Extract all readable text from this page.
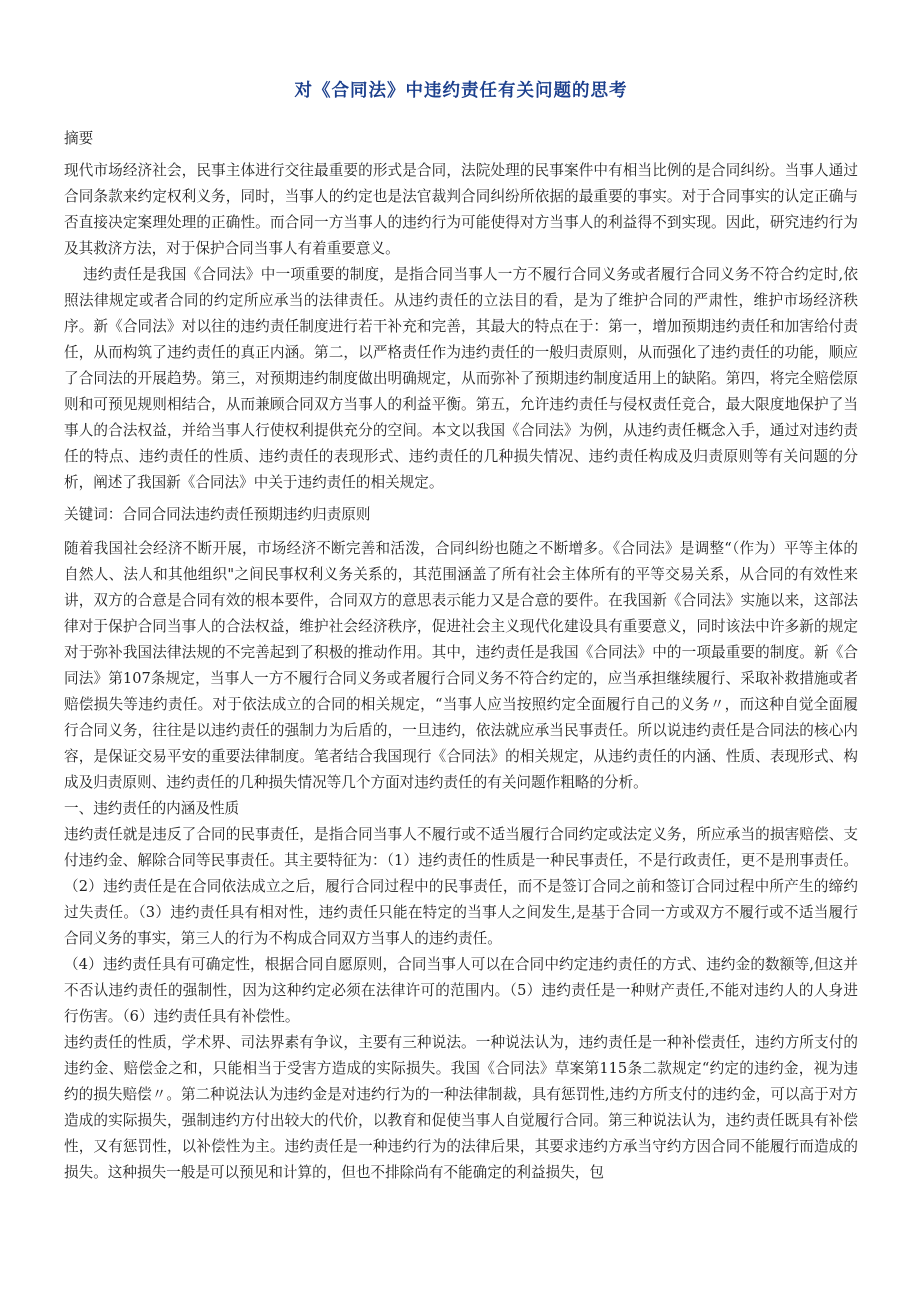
对《合同法》中违约责任有关问题的思考

摘要

现代市场经济社会，民事主体进行交往最重要的形式是合同，法院处理的民事案件中有相当比例的是合同纠纷。当事人通过合同条款来约定权利义务，同时，当事人的约定也是法官裁判合同纠纷所依据的最重要的事实。对于合同事实的认定正确与否直接决定案理处理的正确性。而合同一方当事人的违约行为可能使得对方当事人的利益得不到实现。因此，研究违约行为及其救济方法，对于保护合同当事人有着重要意义。

违约责任是我国《合同法》中一项重要的制度，是指合同当事人一方不履行合同义务或者履行合同义务不符合约定时,依照法律规定或者合同的约定所应承当的法律责任。从违约责任的立法目的看，是为了维护合同的严肃性，维护市场经济秩序。新《合同法》对以往的违约责任制度进行若干补充和完善，其最大的特点在于：第一，增加预期违约责任和加害给付责任，从而构筑了违约责任的真正内涵。第二，以严格责任作为违约责任的一般归责原则，从而强化了违约责任的功能，顺应了合同法的开展趋势。第三，对预期违约制度做出明确规定，从而弥补了预期违约制度适用上的缺陷。第四，将完全赔偿原则和可预见规则相结合，从而兼顾合同双方当事人的利益平衡。第五，允许违约责任与侵权责任竞合，最大限度地保护了当事人的合法权益，并给当事人行使权利提供充分的空间。本文以我国《合同法》为例，从违约责任概念入手，通过对违约责任的特点、违约责任的性质、违约责任的表现形式、违约责任的几种损失情况、违约责任构成及归责原则等有关问题的分析，阐述了我国新《合同法》中关于违约责任的相关规定。

关键词：合同合同法违约责任预期违约归责原则

随着我国社会经济不断开展，市场经济不断完善和活泼，合同纠纷也随之不断增多。《合同法》是调整“（作为）平等主体的自然人、法人和其他组织"之间民事权利义务关系的，其范围涵盖了所有社会主体所有的平等交易关系，从合同的有效性来讲，双方的合意是合同有效的根本要件，合同双方的意思表示能力又是合意的要件。在我国新《合同法》实施以来，这部法律对于保护合同当事人的合法权益，维护社会经济秩序，促进社会主义现代化建设具有重要意义，同时该法中许多新的规定对于弥补我国法律法规的不完善起到了积极的推动作用。其中，违约责任是我国《合同法》中的一项最重要的制度。新《合同法》第107条规定，当事人一方不履行合同义务或者履行合同义务不符合约定的，应当承担继续履行、采取补救措施或者赔偿损失等违约责任。对于依法成立的合同的相关规定，“当事人应当按照约定全面履行自己的义务〃，而这种自觉全面履行合同义务，往往是以违约责任的强制力为后盾的，一旦违约，依法就应承当民事责任。所以说违约责任是合同法的核心内容，是保证交易平安的重要法律制度。笔者结合我国现行《合同法》的相关规定，从违约责任的内涵、性质、表现形式、构成及归责原则、违约责任的几种损失情况等几个方面对违约责任的有关问题作粗略的分析。

一、违约责任的内涵及性质

违约责任就是违反了合同的民事责任，是指合同当事人不履行或不适当履行合同约定或法定义务，所应承当的损害赔偿、支付违约金、解除合同等民事责任。其主要特征为：（1）违约责任的性质是一种民事责任，不是行政责任，更不是刑事责任。（2）违约责任是在合同依法成立之后，履行合同过程中的民事责任，而不是签订合同之前和签订合同过程中所产生的缔约过失责任。（3）违约责任具有相对性，违约责任只能在特定的当事人之间发生,是基于合同一方或双方不履行或不适当履行合同义务的事实，第三人的行为不构成合同双方当事人的违约责任。

（4）违约责任具有可确定性，根据合同自愿原则，合同当事人可以在合同中约定违约责任的方式、违约金的数额等,但这并不否认违约责任的强制性，因为这种约定必须在法律许可的范围内。（5）违约责任是一种财产责任,不能对违约人的人身进行伤害。（6）违约责任具有补偿性。

违约责任的性质，学术界、司法界素有争议，主要有三种说法。一种说法认为，违约责任是一种补偿责任，违约方所支付的违约金、赔偿金之和，只能相当于受害方造成的实际损失。我国《合同法》草案第115条二款规定“约定的违约金，视为违约的损失赔偿〃。第二种说法认为违约金是对违约行为的一种法律制裁，具有惩罚性,违约方所支付的违约金，可以高于对方造成的实际损失，强制违约方付出较大的代价，以教育和促使当事人自觉履行合同。第三种说法认为，违约责任既具有补偿性，又有惩罚性，以补偿性为主。违约责任是一种违约行为的法律后果，其要求违约方承当守约方因合同不能履行而造成的损失。这种损失一般是可以预见和计算的，但也不排除尚有不能确定的利益损失，包
